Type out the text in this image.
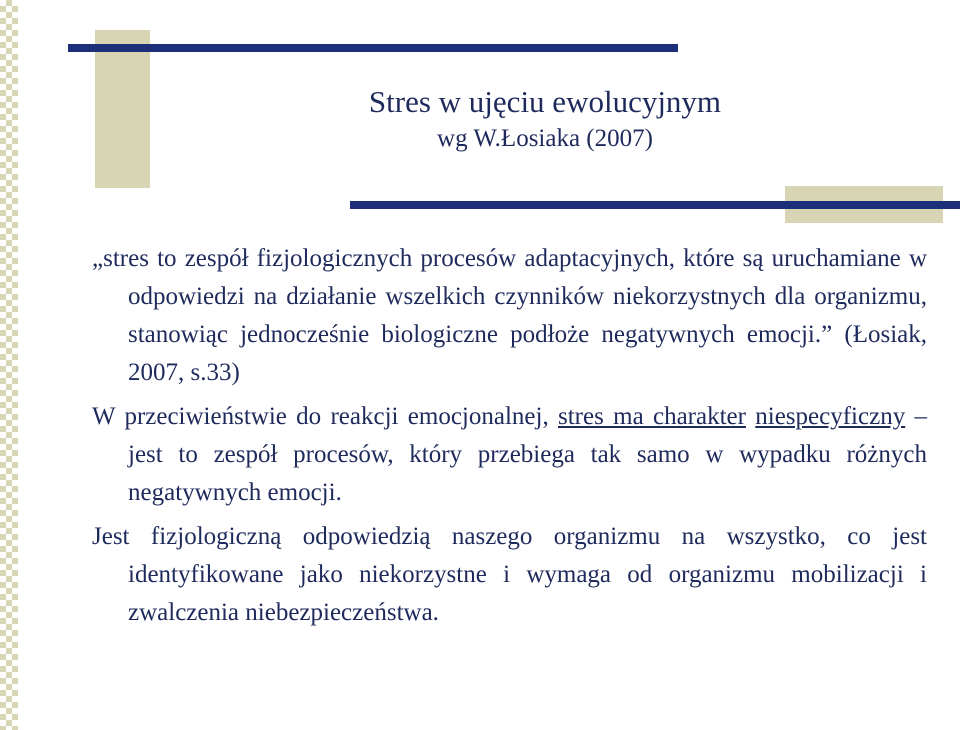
Stres w ujęciu ewolucyjnym
wg W.Łosiaka (2007)

„stres to zespół fizjologicznych procesów adaptacyjnych, które są uruchamiane w odpowiedzi na działanie wszelkich czynników niekorzystnych dla organizmu, stanowiąc jednocześnie biologiczne podłoże negatywnych emocji.” (Łosiak, 2007, s.33)

W przeciwieństwie do reakcji emocjonalnej, stres ma charakter niespecyficzny – jest to zespół procesów, który przebiega tak samo w wypadku różnych negatywnych emocji.

Jest fizjologiczną odpowiedzią naszego organizmu na wszystko, co jest identyfikowane jako niekorzystne i wymaga od organizmu mobilizacji i zwalczenia niebezpieczeństwa.
